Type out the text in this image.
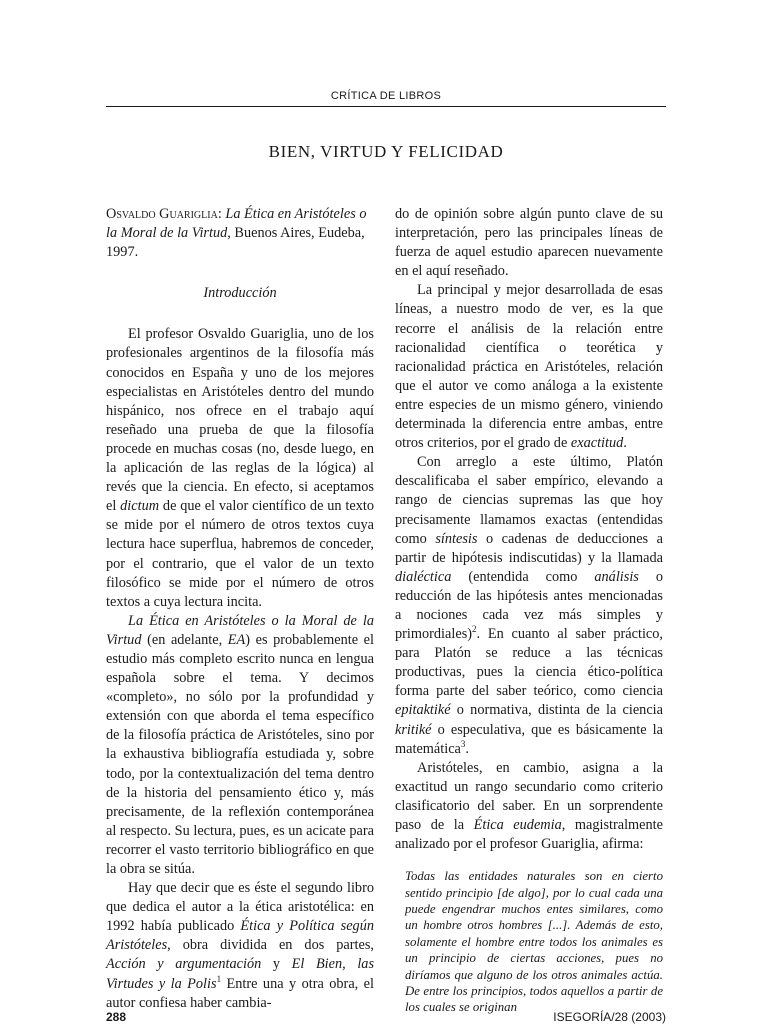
CRÍTICA DE LIBROS
BIEN, VIRTUD Y FELICIDAD

Osvaldo Guariglia: La Ética en Aristóteles o la Moral de la Virtud, Buenos Aires, Eudeba, 1997.

Introducción

El profesor Osvaldo Guariglia, uno de los profesionales argentinos de la filosofía más conocidos en España y uno de los mejores especialistas en Aristóteles dentro del mundo hispánico, nos ofrece en el trabajo aquí reseñado una prueba de que la filosofía procede en muchas cosas (no, desde luego, en la aplicación de las reglas de la lógica) al revés que la ciencia. En efecto, si aceptamos el dictum de que el valor científico de un texto se mide por el número de otros textos cuya lectura hace superflua, habremos de conceder, por el contrario, que el valor de un texto filosófico se mide por el número de otros textos a cuya lectura incita.

La Ética en Aristóteles o la Moral de la Virtud (en adelante, EA) es probablemente el estudio más completo escrito nunca en lengua española sobre el tema. Y decimos «completo», no sólo por la profundidad y extensión con que aborda el tema específico de la filosofía práctica de Aristóteles, sino por la exhaustiva bibliografía estudiada y, sobre todo, por la contextualización del tema dentro de la historia del pensamiento ético y, más precisamente, de la reflexión contemporánea al respecto. Su lectura, pues, es un acicate para recorrer el vasto territorio bibliográfico en que la obra se sitúa.

Hay que decir que es éste el segundo libro que dedica el autor a la ética aristotélica: en 1992 había publicado Ética y Política según Aristóteles, obra dividida en dos partes, Acción y argumentación y El Bien, las Virtudes y la Polis$^1$ Entre una y otra obra, el autor confiesa haber cambia-

do de opinión sobre algún punto clave de su interpretación, pero las principales líneas de fuerza de aquel estudio aparecen nuevamente en el aquí reseñado.

La principal y mejor desarrollada de esas líneas, a nuestro modo de ver, es la que recorre el análisis de la relación entre racionalidad científica o teorética y racionalidad práctica en Aristóteles, relación que el autor ve como análoga a la existente entre especies de un mismo género, viniendo determinada la diferencia entre ambas, entre otros criterios, por el grado de exactitud.

Con arreglo a este último, Platón descalificaba el saber empírico, elevando a rango de ciencias supremas las que hoy precisamente llamamos exactas (entendidas como síntesis o cadenas de deducciones a partir de hipótesis indiscutidas) y la llamada dialéctica (entendida como análisis o reducción de las hipótesis antes mencionadas a nociones cada vez más simples y primordiales)$^2$. En cuanto al saber práctico, para Platón se reduce a las técnicas productivas, pues la ciencia ético-política forma parte del saber teórico, como ciencia epitaktiké o normativa, distinta de la ciencia kritiké o especulativa, que es básicamente la matemática$^3$.

Aristóteles, en cambio, asigna a la exactitud un rango secundario como criterio clasificatorio del saber. En un sorprendente paso de la Ética eudemia, magistralmente analizado por el profesor Guariglia, afirma:

Todas las entidades naturales son en cierto sentido principio [de algo], por lo cual cada una puede engendrar muchos entes similares, como un hombre otros hombres [...]. Además de esto, solamente el hombre entre todos los animales es un principio de ciertas acciones, pues no diríamos que alguno de los otros animales actúa. De entre los principios, todos aquellos a partir de los cuales se originan

288	ISEGORÍA/28 (2003)
